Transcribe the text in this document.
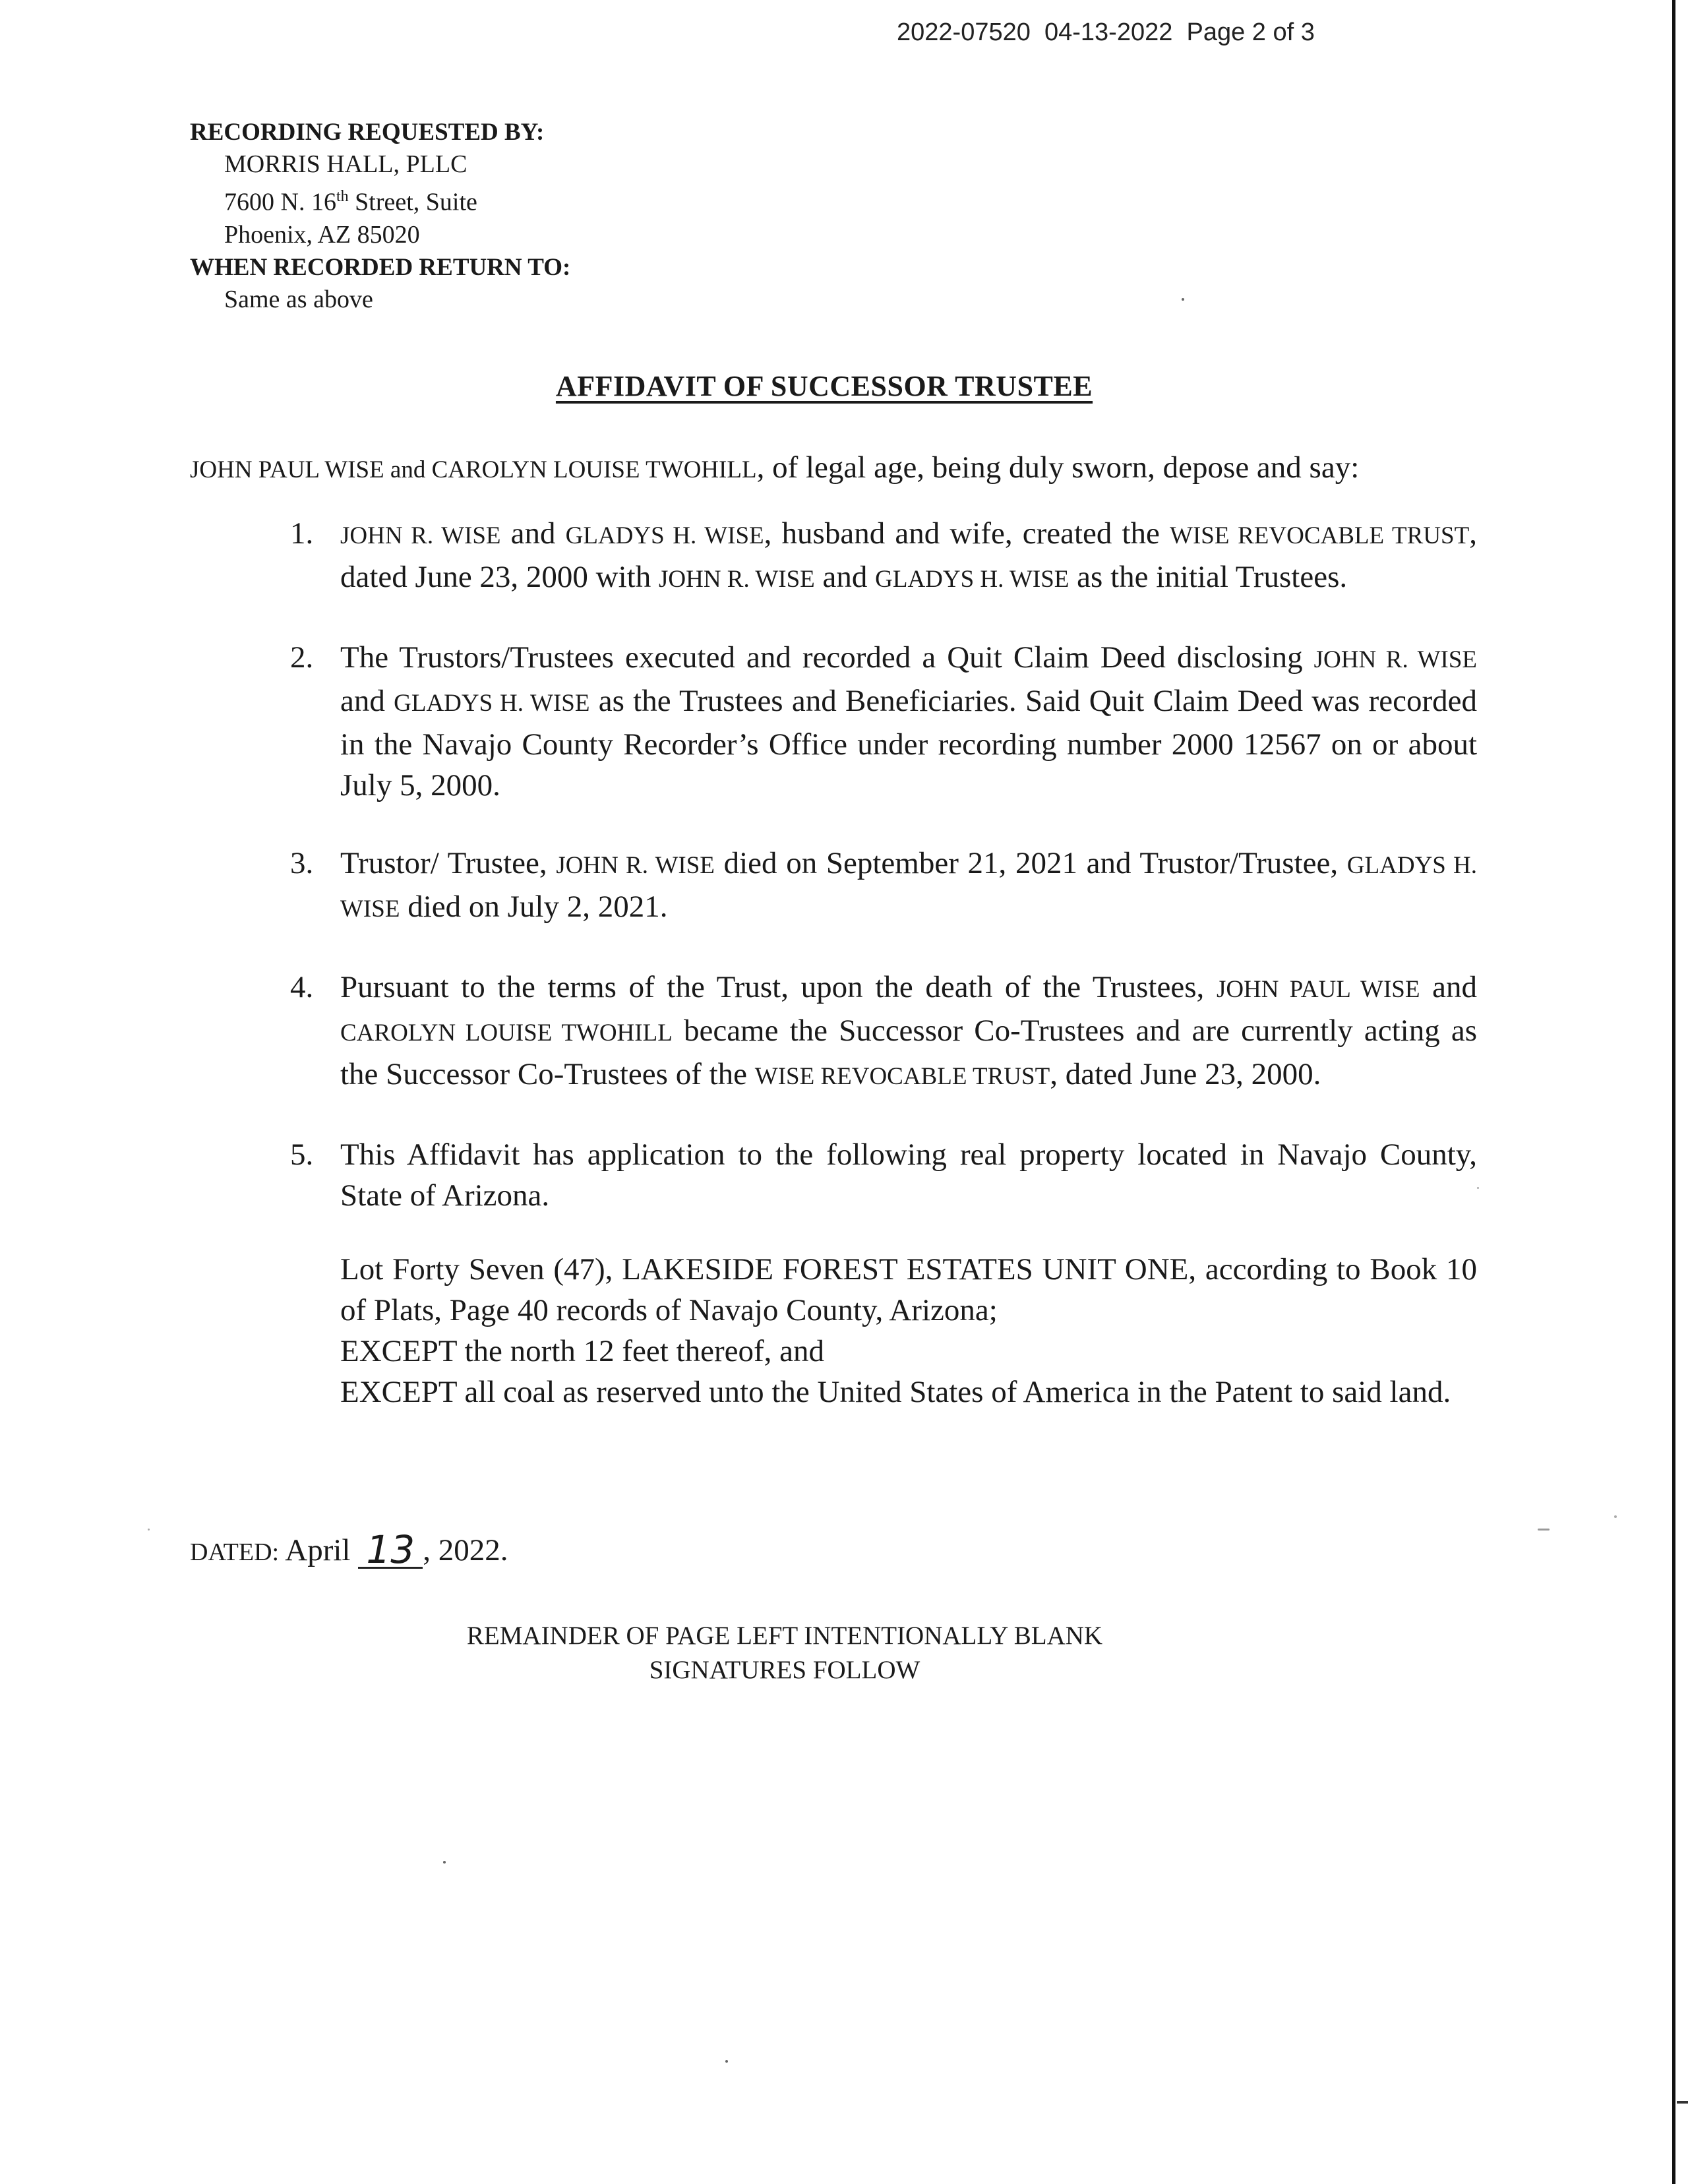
2022-07520 04-13-2022 Page 2 of 3
RECORDING REQUESTED BY:
MORRIS HALL, PLLC
7600 N. 16th Street, Suite
Phoenix, AZ 85020
WHEN RECORDED RETURN TO:
Same as above
AFFIDAVIT OF SUCCESSOR TRUSTEE
JOHN PAUL WISE and CAROLYN LOUISE TWOHILL, of legal age, being duly sworn, depose and say:
1. JOHN R. WISE and GLADYS H. WISE, husband and wife, created the WISE REVOCABLE TRUST, dated June 23, 2000 with JOHN R. WISE and GLADYS H. WISE as the initial Trustees.
2. The Trustors/Trustees executed and recorded a Quit Claim Deed disclosing JOHN R. WISE and GLADYS H. WISE as the Trustees and Beneficiaries. Said Quit Claim Deed was recorded in the Navajo County Recorder’s Office under recording number 2000 12567 on or about July 5, 2000.
3. Trustor/ Trustee, JOHN R. WISE died on September 21, 2021 and Trustor/Trustee, GLADYS H. WISE died on July 2, 2021.
4. Pursuant to the terms of the Trust, upon the death of the Trustees, JOHN PAUL WISE and CAROLYN LOUISE TWOHILL became the Successor Co-Trustees and are currently acting as the Successor Co-Trustees of the WISE REVOCABLE TRUST, dated June 23, 2000.
5. This Affidavit has application to the following real property located in Navajo County, State of Arizona.
Lot Forty Seven (47), LAKESIDE FOREST ESTATES UNIT ONE, according to Book 10 of Plats, Page 40 records of Navajo County, Arizona;
EXCEPT the north 12 feet thereof, and
EXCEPT all coal as reserved unto the United States of America in the Patent to said land.
DATED: April 13 , 2022.
REMAINDER OF PAGE LEFT INTENTIONALLY BLANK
SIGNATURES FOLLOW
